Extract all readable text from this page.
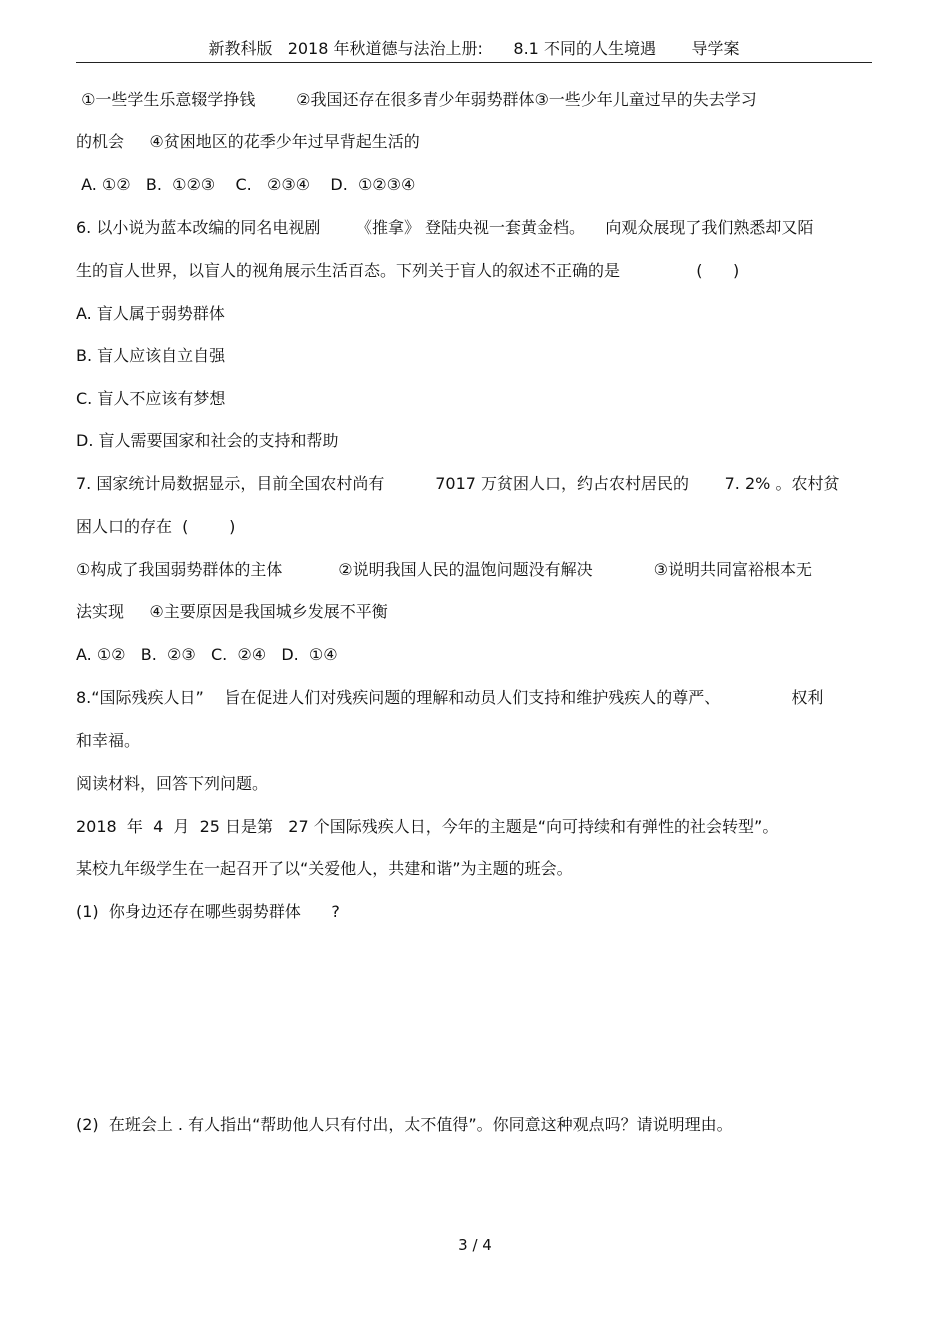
新教科版   2018 年秋道德与法治上册:      8.1 不同的人生境遇       导学案
①一些学生乐意辍学挣钱        ②我国还存在很多青少年弱势群体③一些少年儿童过早的失去学习
的机会     ④贫困地区的花季少年过早背起生活的
A. ①②   B.  ①②③    C.   ②③④    D.  ①②③④
6. 以小说为蓝本改编的同名电视剧       《推拿》 登陆央视一套黄金档。    向观众展现了我们熟悉却又陌
生的盲人世界，以盲人的视角展示生活百态。下列关于盲人的叙述不正确的是               (      )
A. 盲人属于弱势群体
B. 盲人应该自立自强
C. 盲人不应该有梦想
D. 盲人需要国家和社会的支持和帮助
7. 国家统计局数据显示，目前全国农村尚有          7017 万贫困人口，约占农村居民的       7. 2% 。农村贫
困人口的存在  (        )
①构成了我国弱势群体的主体           ②说明我国人民的温饱问题没有解决            ③说明共同富裕根本无
法实现     ④主要原因是我国城乡发展不平衡
A. ①②   B.  ②③   C.  ②④   D.  ①④
8.“国际残疾人日”    旨在促进人们对残疾问题的理解和动员人们支持和维护残疾人的尊严、              权利
和幸福。
阅读材料，回答下列问题。
2018  年  4  月  25 日是第   27 个国际残疾人日，今年的主题是“向可持续和有弹性的社会转型”。
某校九年级学生在一起召开了以“关爱他人，共建和谐”为主题的班会。
(1)  你身边还存在哪些弱势群体      ?
(2)  在班会上 . 有人指出“帮助他人只有付出，太不值得”。你同意这种观点吗？请说明理由。
3 / 4
